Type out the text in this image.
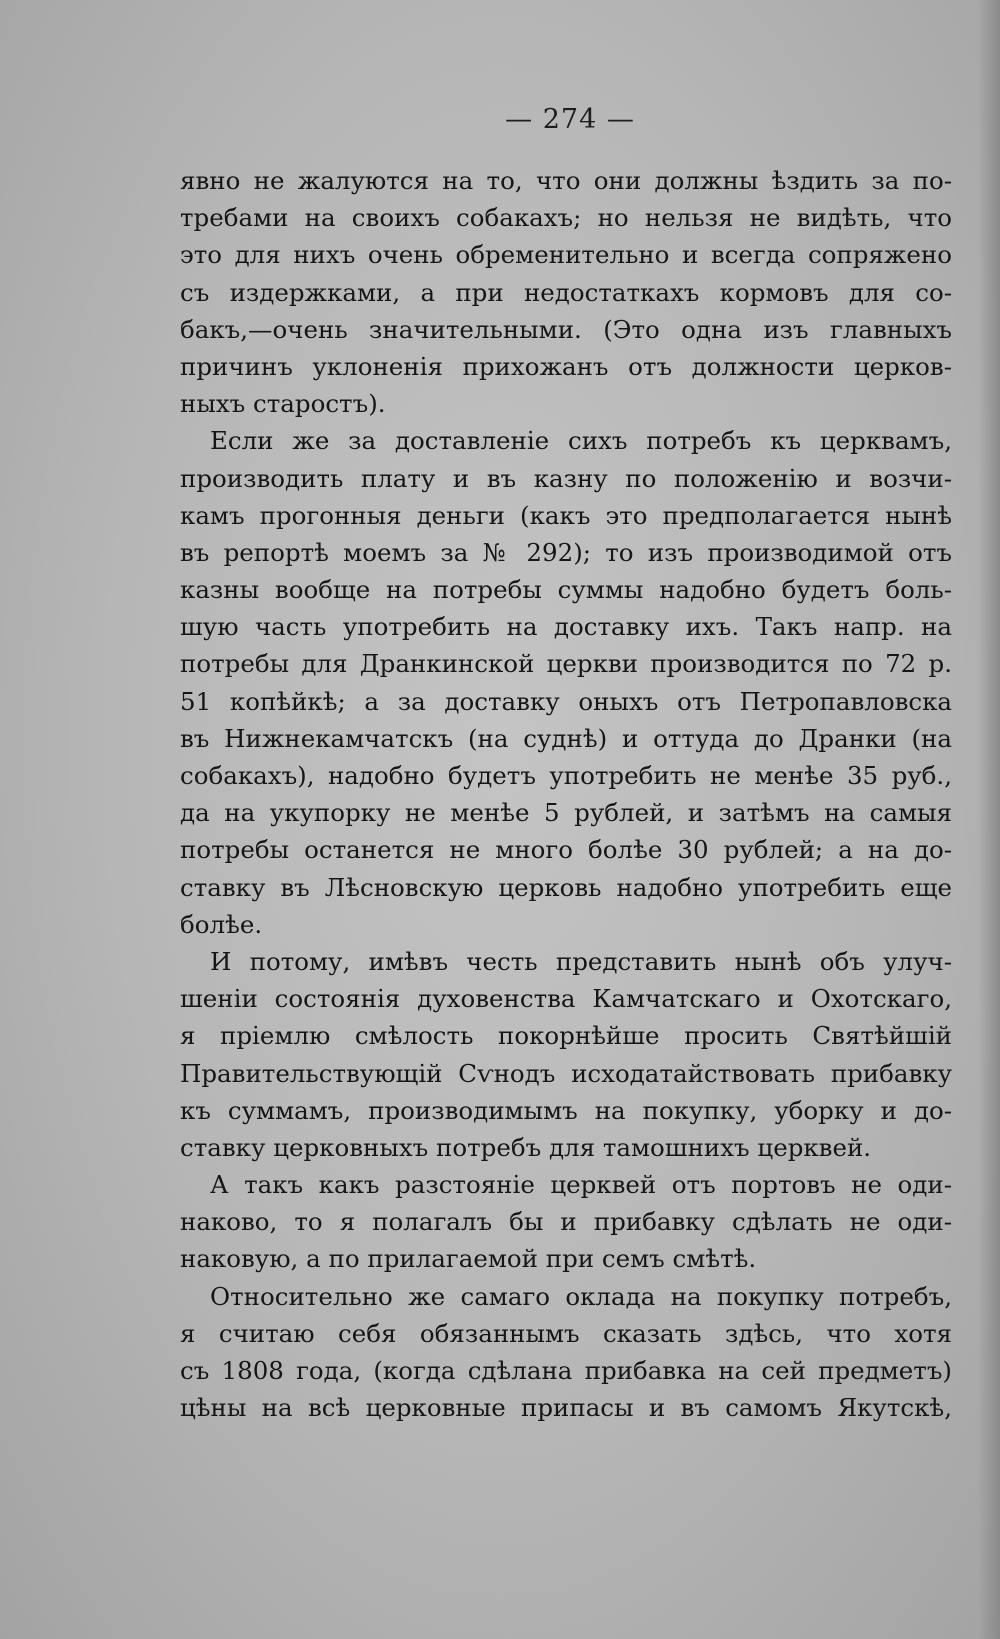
— 274 —
явно не жалуются на то, что они должны ѣздить за по-
требами на своихъ собакахъ; но нельзя не видѣть, что
это для нихъ очень обременительно и всегда сопряжено
съ издержками, а при недостаткахъ кормовъ для со-
бакъ,—очень значительными. (Это одна изъ главныхъ
причинъ уклоненія прихожанъ отъ должности церков-
ныхъ старостъ).
Если же за доставленіе сихъ потребъ къ церквамъ,
производить плату и въ казну по положенію и возчи-
камъ прогонныя деньги (какъ это предполагается нынѣ
въ репортѣ моемъ за № 292); то изъ производимой отъ
казны вообще на потребы суммы надобно будетъ боль-
шую часть употребить на доставку ихъ. Такъ напр. на
потребы для Дранкинской церкви производится по 72 р.
51 копѣйкѣ; а за доставку оныхъ отъ Петропавловска
въ Нижнекамчатскъ (на суднѣ) и оттуда до Дранки (на
собакахъ), надобно будетъ употребить не менѣе 35 руб.,
да на укупорку не менѣе 5 рублей, и затѣмъ на самыя
потребы останется не много болѣе 30 рублей; а на до-
ставку въ Лѣсновскую церковь надобно употребить еще
болѣе.
И потому, имѣвъ честь представить нынѣ объ улуч-
шеніи состоянія духовенства Камчатскаго и Охотскаго,
я пріемлю смѣлость покорнѣйше просить Святѣйшій
Правительствующій Сѵнодъ исходатайствовать прибавку
къ суммамъ, производимымъ на покупку, уборку и до-
ставку церковныхъ потребъ для тамошнихъ церквей.
А такъ какъ разстояніе церквей отъ портовъ не оди-
наково, то я полагалъ бы и прибавку сдѣлать не оди-
наковую, а по прилагаемой при семъ смѣтѣ.
Относительно же самаго оклада на покупку потребъ,
я считаю себя обязаннымъ сказать здѣсь, что хотя
съ 1808 года, (когда сдѣлана прибавка на сей предметъ)
цѣны на всѣ церковные припасы и въ самомъ Якутскѣ,
